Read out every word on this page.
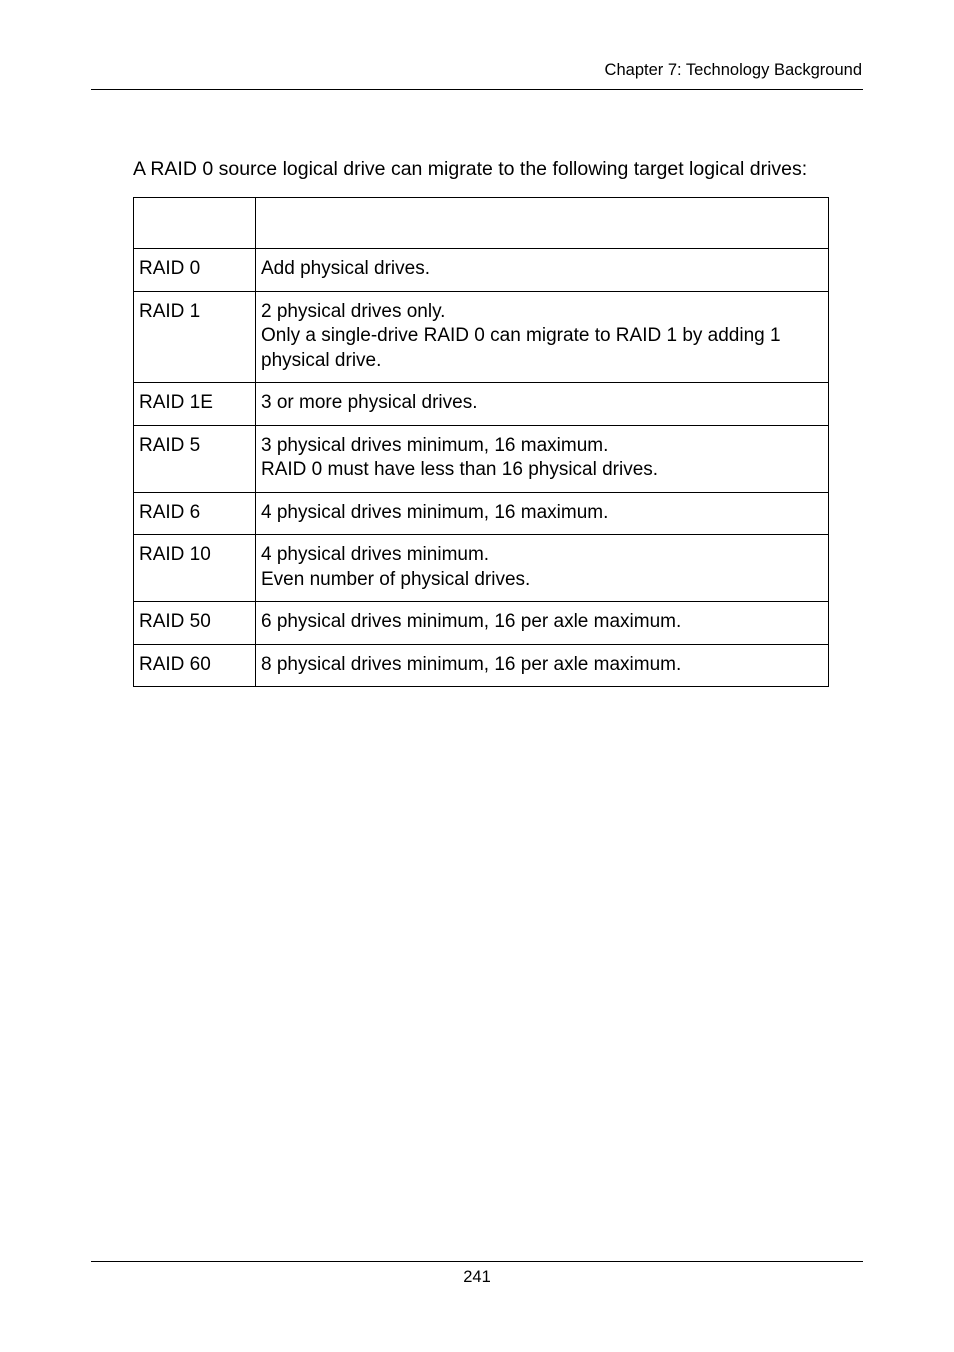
Chapter 7: Technology Background
A RAID 0 source logical drive can migrate to the following target logical drives:

RAID 0	Add physical drives.

RAID 1	2 physical drives only.
Only a single-drive RAID 0 can migrate to RAID 1 by adding 1 physical drive.

RAID 1E	3 or more physical drives.

RAID 5	3 physical drives minimum, 16 maximum.
RAID 0 must have less than 16 physical drives.

RAID 6	4 physical drives minimum, 16 maximum.

RAID 10	4 physical drives minimum.
Even number of physical drives.

RAID 50	6 physical drives minimum, 16 per axle maximum.

RAID 60	8 physical drives minimum, 16 per axle maximum.
241
